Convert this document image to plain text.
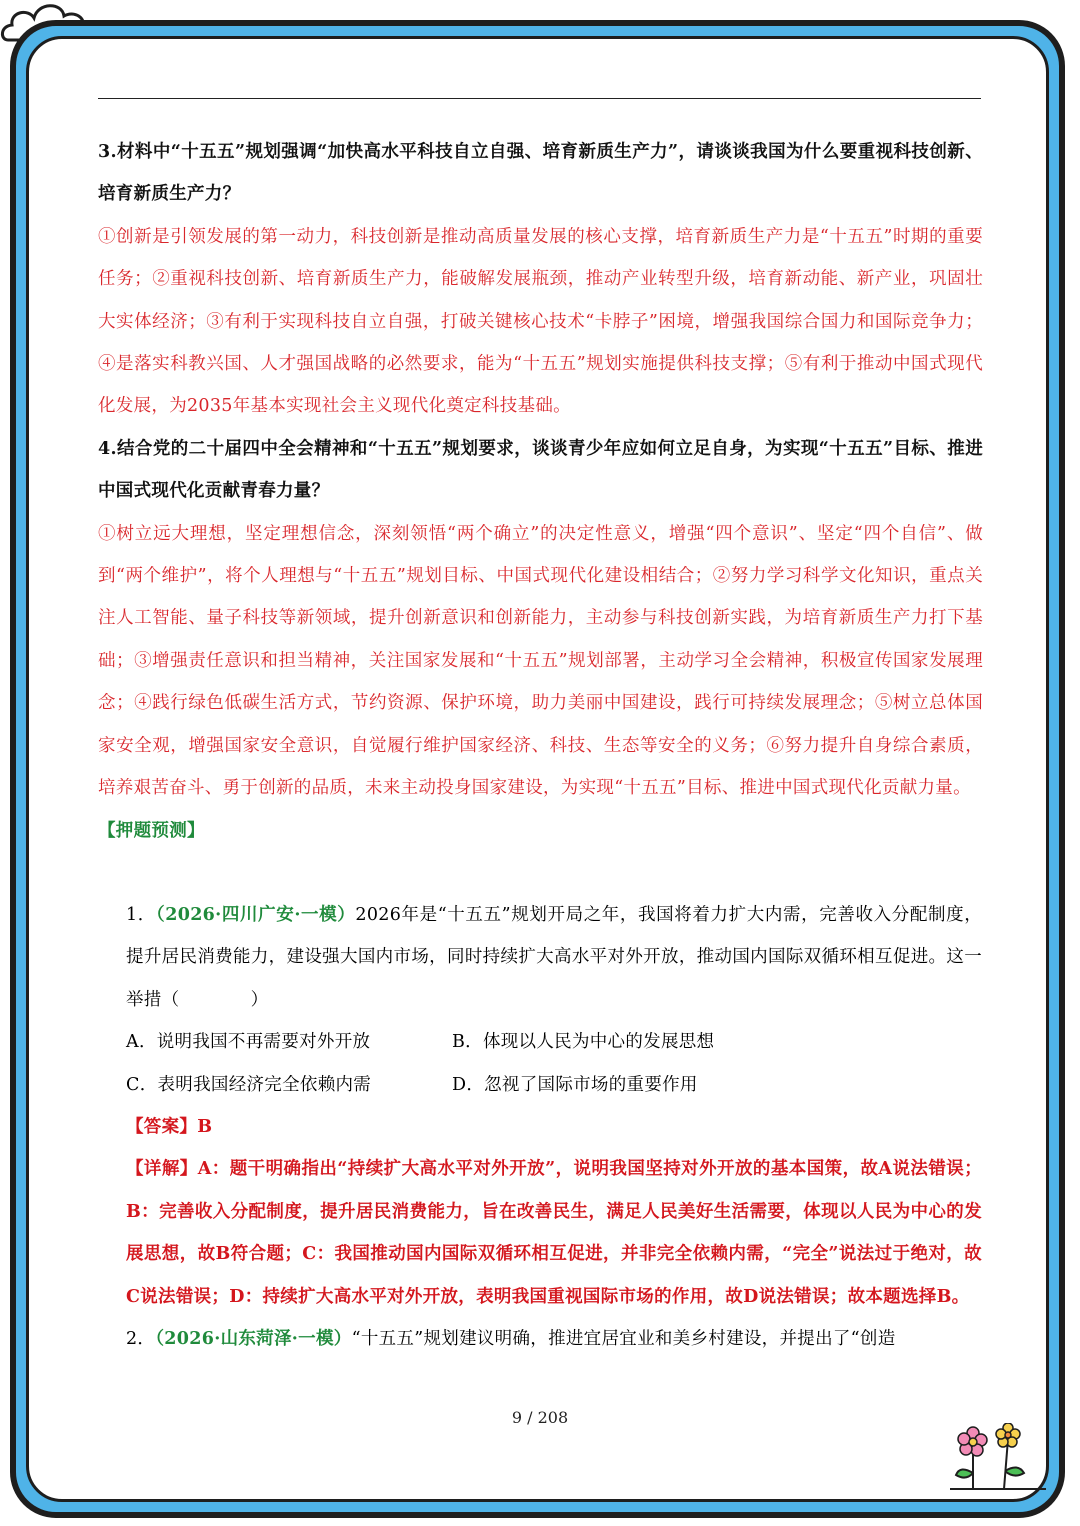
3.材料中“十五五”规划强调“加快高水平科技自立自强、培育新质生产力”，请谈谈我国为什么要重视科技创新、培育新质生产力？
①创新是引领发展的第一动力，科技创新是推动高质量发展的核心支撑，培育新质生产力是“十五五”时期的重要任务；②重视科技创新、培育新质生产力，能破解发展瓶颈，推动产业转型升级，培育新动能、新产业，巩固壮大实体经济；③有利于实现科技自立自强，打破关键核心技术“卡脖子”困境，增强我国综合国力和国际竞争力；④是落实科教兴国、人才强国战略的必然要求，能为“十五五”规划实施提供科技支撑；⑤有利于推动中国式现代化发展，为2035年基本实现社会主义现代化奠定科技基础。
4.结合党的二十届四中全会精神和“十五五”规划要求，谈谈青少年应如何立足自身，为实现“十五五”目标、推进中国式现代化贡献青春力量？
①树立远大理想，坚定理想信念，深刻领悟“两个确立”的决定性意义，增强“四个意识”、坚定“四个自信”、做到“两个维护”，将个人理想与“十五五”规划目标、中国式现代化建设相结合；②努力学习科学文化知识，重点关注人工智能、量子科技等新领域，提升创新意识和创新能力，主动参与科技创新实践，为培育新质生产力打下基础；③增强责任意识和担当精神，关注国家发展和“十五五”规划部署，主动学习全会精神，积极宣传国家发展理念；④践行绿色低碳生活方式，节约资源、保护环境，助力美丽中国建设，践行可持续发展理念；⑤树立总体国家安全观，增强国家安全意识，自觉履行维护国家经济、科技、生态等安全的义务；⑥努力提升自身综合素质，培养艰苦奋斗、勇于创新的品质，未来主动投身国家建设，为实现“十五五”目标、推进中国式现代化贡献力量。
【押题预测】
1．（2026·四川广安·一模）2026年是“十五五”规划开局之年，我国将着力扩大内需，完善收入分配制度，提升居民消费能力，建设强大国内市场，同时持续扩大高水平对外开放，推动国内国际双循环相互促进。这一举措（　　　　）
A．说明我国不再需要对外开放	B．体现以人民为中心的发展思想
C．表明我国经济完全依赖内需	D．忽视了国际市场的重要作用
【答案】B
【详解】A：题干明确指出“持续扩大高水平对外开放”，说明我国坚持对外开放的基本国策，故A说法错误；B：完善收入分配制度，提升居民消费能力，旨在改善民生，满足人民美好生活需要，体现以人民为中心的发展思想，故B符合题；C：我国推动国内国际双循环相互促进，并非完全依赖内需，“完全”说法过于绝对，故C说法错误；D：持续扩大高水平对外开放，表明我国重视国际市场的作用，故D说法错误；故本题选择B。
2．（2026·山东菏泽·一模）“十五五”规划建议明确，推进宜居宜业和美乡村建设，并提出了“创造
9 / 208
